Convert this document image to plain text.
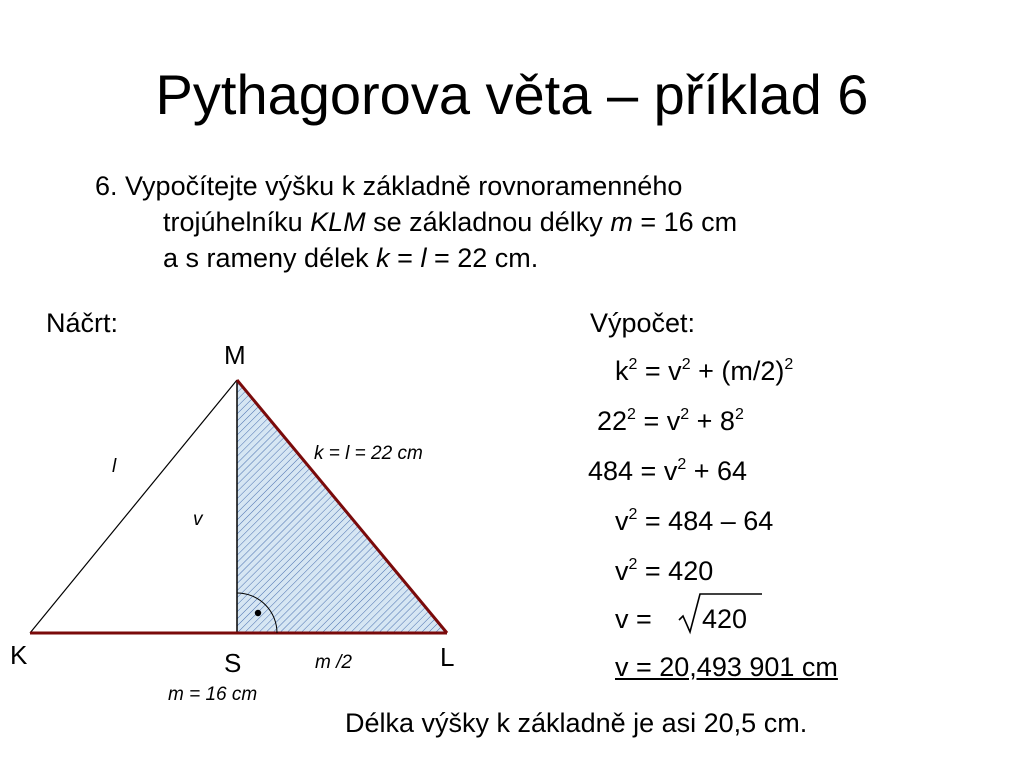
Pythagorova věta – příklad 6
6. Vypočítejte výšku k základně rovnoramenného
trojúhelníku KLM se základnou délky m = 16 cm
a s rameny délek k = l = 22 cm.
Náčrt:
M
K	L
S
l
v
k = l = 22 cm
m /2
m = 16 cm
Výpočet:
$k^2 = v^2 + (m/2)^2$
$22^2 = v^2 + 8^2$
$484 = v^2 + 64$
$v^2 = 484 - 64$
$v^2 = 420$
v = 420
v = 20,493 901 cm
Délka výšky k základně je asi 20,5 cm.
